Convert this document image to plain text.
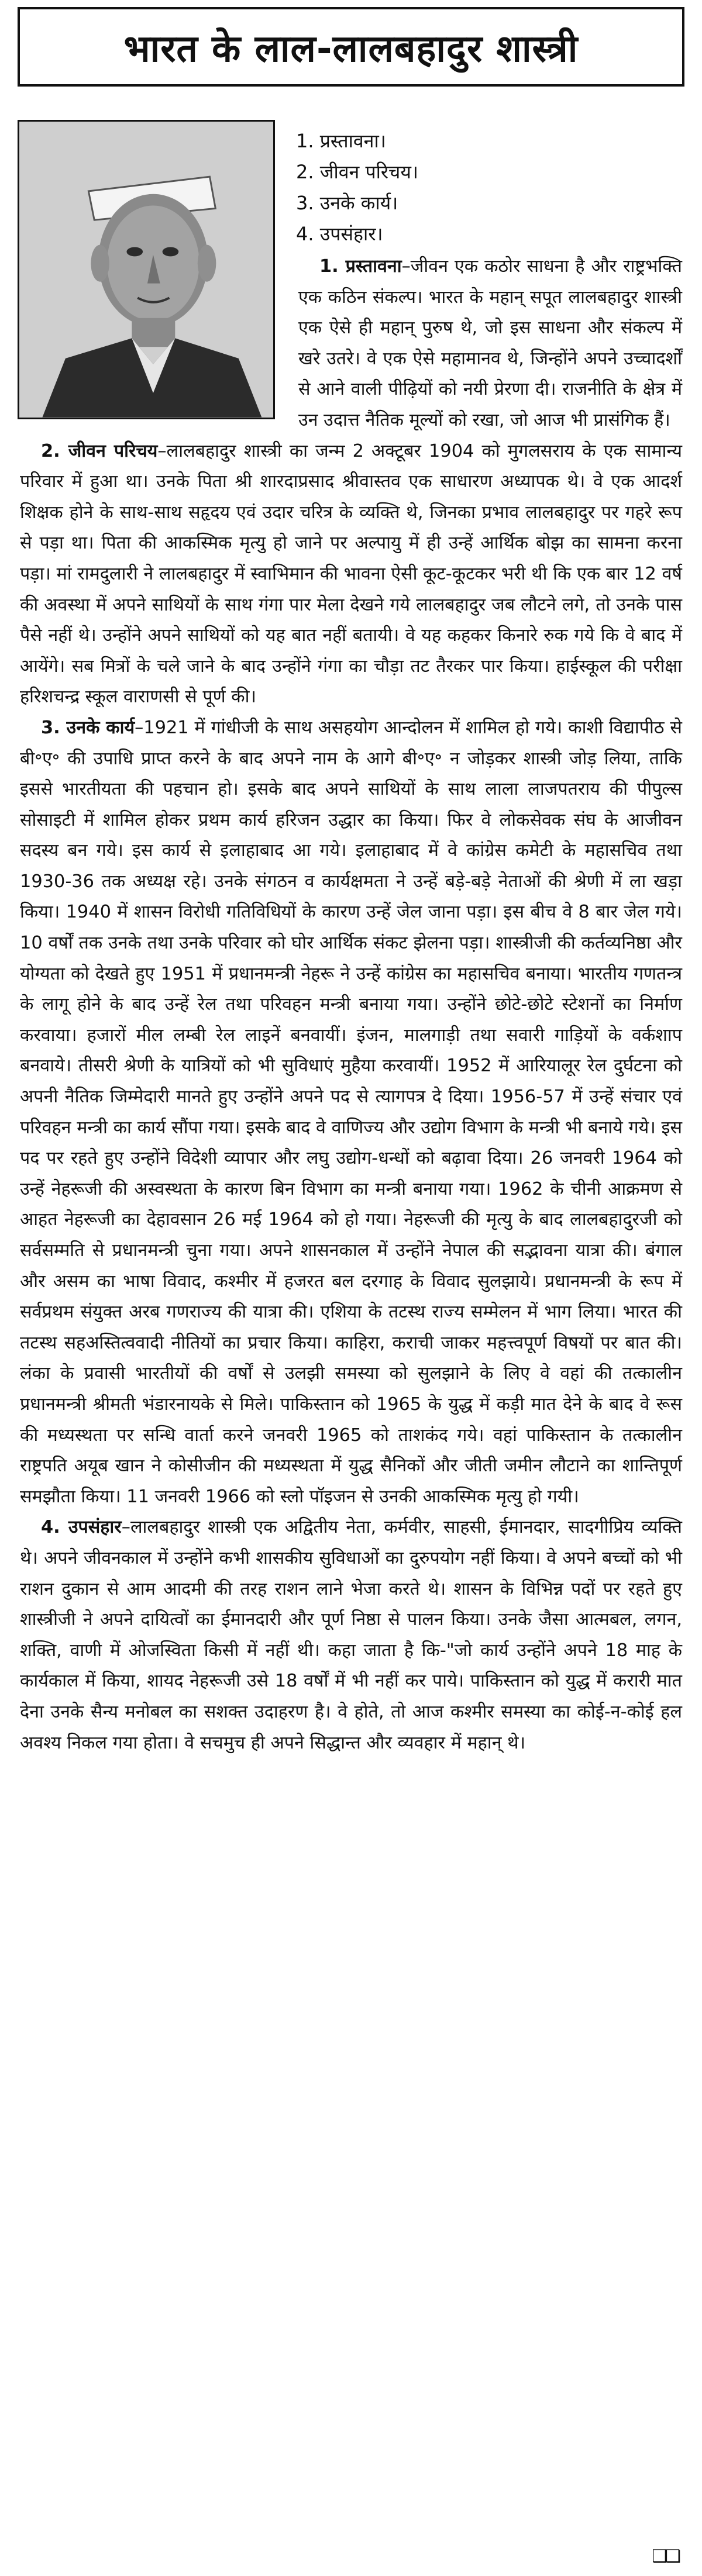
भारत के लाल-लालबहादुर शास्त्री
1. प्रस्तावना।
2. जीवन परिचय।
3. उनके कार्य।
4. उपसंहार।

1. प्रस्तावना–जीवन एक कठोर साधना है और राष्ट्रभक्ति एक कठिन संकल्प। भारत के महान् सपूत लालबहादुर शास्त्री एक ऐसे ही महान् पुरुष थे, जो इस साधना और संकल्प में खरे उतरे। वे एक ऐसे महामानव थे, जिन्होंने अपने उच्चादर्शों से आने वाली पीढ़ियों को नयी प्रेरणा दी। राजनीति के क्षेत्र में उन उदात्त नैतिक मूल्यों को रखा, जो आज भी प्रासंगिक हैं।

2. जीवन परिचय–लालबहादुर शास्त्री का जन्म 2 अक्टूबर 1904 को मुगलसराय के एक सामान्य परिवार में हुआ था। उनके पिता श्री शारदाप्रसाद श्रीवास्तव एक साधारण अध्यापक थे। वे एक आदर्श शिक्षक होने के साथ-साथ सहृदय एवं उदार चरित्र के व्यक्ति थे, जिनका प्रभाव लालबहादुर पर गहरे रूप से पड़ा था। पिता की आकस्मिक मृत्यु हो जाने पर अल्पायु में ही उन्हें आर्थिक बोझ का सामना करना पड़ा। मां रामदुलारी ने लालबहादुर में स्वाभिमान की भावना ऐसी कूट-कूटकर भरी थी कि एक बार 12 वर्ष की अवस्था में अपने साथियों के साथ गंगा पार मेला देखने गये लालबहादुर जब लौटने लगे, तो उनके पास पैसे नहीं थे। उन्होंने अपने साथियों को यह बात नहीं बतायी। वे यह कहकर किनारे रुक गये कि वे बाद में आयेंगे। सब मित्रों के चले जाने के बाद उन्होंने गंगा का चौड़ा तट तैरकर पार किया। हाईस्कूल की परीक्षा हरिशचन्द्र स्कूल वाराणसी से पूर्ण की।

3. उनके कार्य–1921 में गांधीजी के साथ असहयोग आन्दोलन में शामिल हो गये। काशी विद्यापीठ से बी॰ए॰ की उपाधि प्राप्त करने के बाद अपने नाम के आगे बी॰ए॰ न जोड़कर शास्त्री जोड़ लिया, ताकि इससे भारतीयता की पहचान हो। इसके बाद अपने साथियों के साथ लाला लाजपतराय की पीपुल्स सोसाइटी में शामिल होकर प्रथम कार्य हरिजन उद्धार का किया। फिर वे लोकसेवक संघ के आजीवन सदस्य बन गये। इस कार्य से इलाहाबाद आ गये। इलाहाबाद में वे कांग्रेस कमेटी के महासचिव तथा 1930-36 तक अध्यक्ष रहे। उनके संगठन व कार्यक्षमता ने उन्हें बड़े-बड़े नेताओं की श्रेणी में ला खड़ा किया। 1940 में शासन विरोधी गतिविधियों के कारण उन्हें जेल जाना पड़ा। इस बीच वे 8 बार जेल गये। 10 वर्षों तक उनके तथा उनके परिवार को घोर आर्थिक संकट झेलना पड़ा। शास्त्रीजी की कर्तव्यनिष्ठा और योग्यता को देखते हुए 1951 में प्रधानमन्त्री नेहरू ने उन्हें कांग्रेस का महासचिव बनाया। भारतीय गणतन्त्र के लागू होने के बाद उन्हें रेल तथा परिवहन मन्त्री बनाया गया। उन्होंने छोटे-छोटे स्टेशनों का निर्माण करवाया। हजारों मील लम्बी रेल लाइनें बनवायीं। इंजन, मालगाड़ी तथा सवारी गाड़ियों के वर्कशाप बनवाये। तीसरी श्रेणी के यात्रियों को भी सुविधाएं मुहैया करवायीं। 1952 में आरियालूर रेल दुर्घटना को अपनी नैतिक जिम्मेदारी मानते हुए उन्होंने अपने पद से त्यागपत्र दे दिया। 1956-57 में उन्हें संचार एवं परिवहन मन्त्री का कार्य सौंपा गया। इसके बाद वे वाणिज्य और उद्योग विभाग के मन्त्री भी बनाये गये। इस पद पर रहते हुए उन्होंने विदेशी व्यापार और लघु उद्योग-धन्धों को बढ़ावा दिया। 26 जनवरी 1964 को उन्हें नेहरूजी की अस्वस्थता के कारण बिन विभाग का मन्त्री बनाया गया। 1962 के चीनी आक्रमण से आहत नेहरूजी का देहावसान 26 मई 1964 को हो गया। नेहरूजी की मृत्यु के बाद लालबहादुरजी को सर्वसम्मति से प्रधानमन्त्री चुना गया। अपने शासनकाल में उन्होंने नेपाल की सद्भावना यात्रा की। बंगाल और असम का भाषा विवाद, कश्मीर में हजरत बल दरगाह के विवाद सुलझाये। प्रधानमन्त्री के रूप में सर्वप्रथम संयुक्त अरब गणराज्य की यात्रा की। एशिया के तटस्थ राज्य सम्मेलन में भाग लिया। भारत की तटस्थ सहअस्तित्ववादी नीतियों का प्रचार किया। काहिरा, कराची जाकर महत्त्वपूर्ण विषयों पर बात की। लंका के प्रवासी भारतीयों की वर्षों से उलझी समस्या को सुलझाने के लिए वे वहां की तत्कालीन प्रधानमन्त्री श्रीमती भंडारनायके से मिले। पाकिस्तान को 1965 के युद्ध में कड़ी मात देने के बाद वे रूस की मध्यस्थता पर सन्धि वार्ता करने जनवरी 1965 को ताशकंद गये। वहां पाकिस्तान के तत्कालीन राष्ट्रपति अयूब खान ने कोसीजीन की मध्यस्थता में युद्ध सैनिकों और जीती जमीन लौटाने का शान्तिपूर्ण समझौता किया। 11 जनवरी 1966 को स्लो पॉइजन से उनकी आकस्मिक मृत्यु हो गयी।

4. उपसंहार–लालबहादुर शास्त्री एक अद्वितीय नेता, कर्मवीर, साहसी, ईमानदार, सादगीप्रिय व्यक्ति थे। अपने जीवनकाल में उन्होंने कभी शासकीय सुविधाओं का दुरुपयोग नहीं किया। वे अपने बच्चों को भी राशन दुकान से आम आदमी की तरह राशन लाने भेजा करते थे। शासन के विभिन्न पदों पर रहते हुए शास्त्रीजी ने अपने दायित्वों का ईमानदारी और पूर्ण निष्ठा से पालन किया। उनके जैसा आत्मबल, लगन, शक्ति, वाणी में ओजस्विता किसी में नहीं थी। कहा जाता है कि-"जो कार्य उन्होंने अपने 18 माह के कार्यकाल में किया, शायद नेहरूजी उसे 18 वर्षों में भी नहीं कर पाये। पाकिस्तान को युद्ध में करारी मात देना उनके सैन्य मनोबल का सशक्त उदाहरण है। वे होते, तो आज कश्मीर समस्या का कोई-न-कोई हल अवश्य निकल गया होता। वे सचमुच ही अपने सिद्धान्त और व्यवहार में महान् थे।

❑❑
